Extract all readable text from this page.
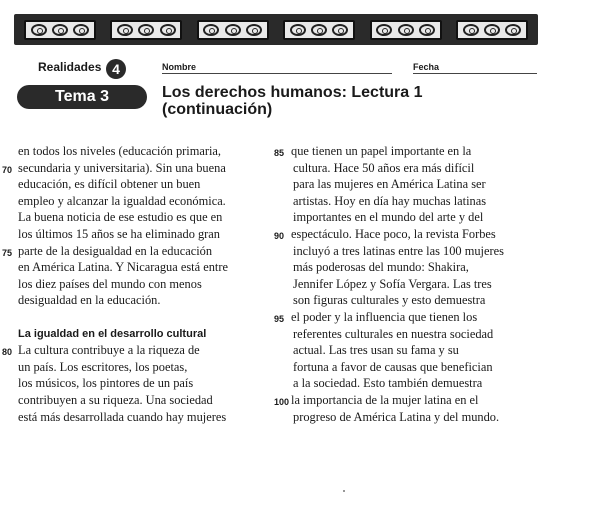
Realidades 4	Nombre	Fecha
Tema 3	Los derechos humanos: Lectura 1
(continuación)
en todos los niveles (educación primaria,
70 secundaria y universitaria). Sin una buena
educación, es difícil obtener un buen
empleo y alcanzar la igualdad económica.
La buena noticia de ese estudio es que en
los últimos 15 años se ha eliminado gran
75 parte de la desigualdad en la educación
en América Latina. Y Nicaragua está entre
los diez países del mundo con menos
desigualdad en la educación.
La igualdad en el desarrollo cultural
80 La cultura contribuye a la riqueza de
un país. Los escritores, los poetas,
los músicos, los pintores de un país
contribuyen a su riqueza. Una sociedad
está más desarrollada cuando hay mujeres
85 que tienen un papel importante en la
cultura. Hace 50 años era más difícil
para las mujeres en América Latina ser
artistas. Hoy en día hay muchas latinas
importantes en el mundo del arte y del
90 espectáculo. Hace poco, la revista Forbes
incluyó a tres latinas entre las 100 mujeres
más poderosas del mundo: Shakira,
Jennifer López y Sofía Vergara. Las tres
son figuras culturales y esto demuestra
95 el poder y la influencia que tienen los
referentes culturales en nuestra sociedad
actual. Las tres usan su fama y su
fortuna a favor de causas que benefician
a la sociedad. Esto también demuestra
100 la importancia de la mujer latina en el
progreso de América Latina y del mundo.
